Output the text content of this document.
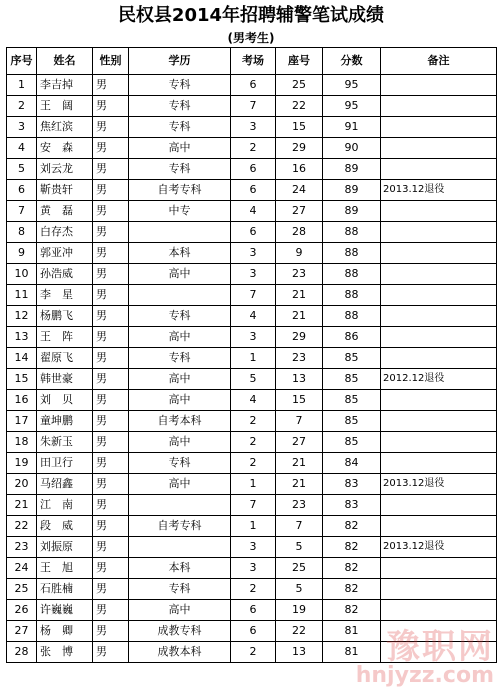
民权县2014年招聘辅警笔试成绩
(男考生)
序号	姓名	性别	学历	考场	座号	分数	备注
1	李吉掉	男	专科	6	25	95	
2	王　阔	男	专科	7	22	95	
3	焦红滨	男	专科	3	15	91	
4	安　森	男	高中	2	29	90	
5	刘云龙	男	专科	6	16	89	
6	靳贵轩	男	自考专科	6	24	89	2013.12退役
7	黄　磊	男	中专	4	27	89	
8	白存杰	男		6	28	88	
9	郭亚冲	男	本科	3	9	88	
10	孙浩威	男	高中	3	23	88	
11	李　星	男		7	21	88	
12	杨鹏飞	男	专科	4	21	88	
13	王　阵	男	高中	3	29	86	
14	翟原飞	男	专科	1	23	85	
15	韩世豪	男	高中	5	13	85	2012.12退役
16	刘　贝	男	高中	4	15	85	
17	童坤鹏	男	自考本科	2	7	85	
18	朱新玉	男	高中	2	27	85	
19	田卫行	男	专科	2	21	84	
20	马绍鑫	男	高中	1	21	83	2013.12退役
21	江　南	男		7	23	83	
22	段　威	男	自考专科	1	7	82	
23	刘振原	男		3	5	82	2013.12退役
24	王　旭	男	本科	3	25	82	
25	石胜楠	男	专科	2	5	82	
26	许巍巍	男	高中	6	19	82	
27	杨　卿	男	成教专科	6	22	81	
28	张　博	男	成教本科	2	13	81	豫职网
hnjyzz.com
